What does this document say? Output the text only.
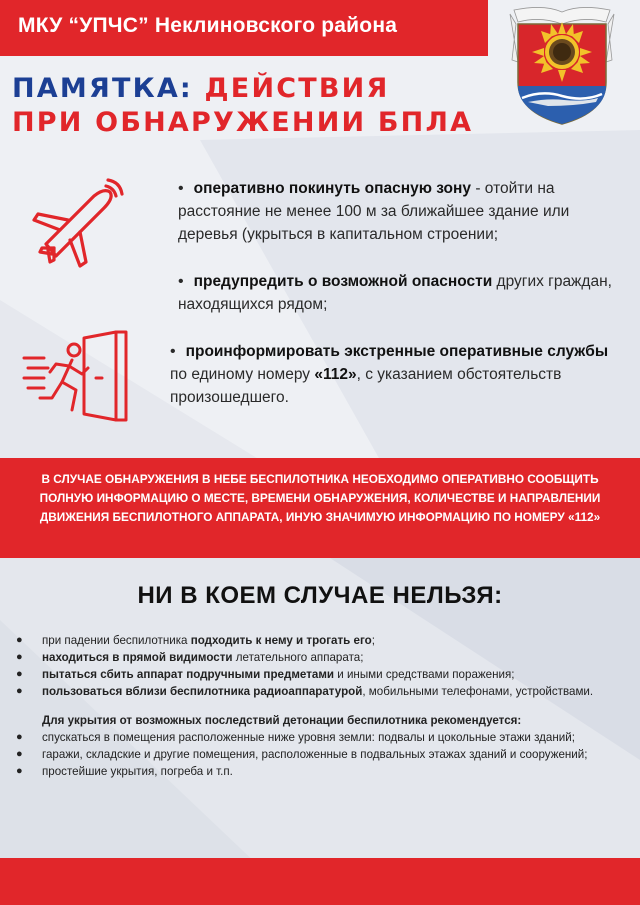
МКУ “УПЧС” Неклиновского района
ПАМЯТКА: ДЕЙСТВИЯ
ПРИ ОБНАРУЖЕНИИ БПЛА
• оперативно покинуть опасную зону - отойти на расстояние не менее 100 м за ближайшее здание или деревья (укрыться в капитальном строении;
• предупредить о возможной опасности других граждан, находящихся рядом;
• проинформировать экстренные оперативные службы по единому номеру «112», с указанием обстоятельств произошедшего.
В СЛУЧАЕ ОБНАРУЖЕНИЯ В НЕБЕ БЕСПИЛОТНИКА НЕОБХОДИМО ОПЕРАТИВНО СООБЩИТЬ ПОЛНУЮ ИНФОРМАЦИЮ О МЕСТЕ, ВРЕМЕНИ ОБНАРУЖЕНИЯ, КОЛИЧЕСТВЕ И НАПРАВЛЕНИИ ДВИЖЕНИЯ БЕСПИЛОТНОГО АППАРАТА, ИНУЮ ЗНАЧИМУЮ ИНФОРМАЦИЮ ПО НОМЕРУ «112»
НИ В КОЕМ СЛУЧАЕ НЕЛЬЗЯ:
●	при падении беспилотника подходить к нему и трогать его;
●	находиться в прямой видимости летательного аппарата;
●	пытаться сбить аппарат подручными предметами и иными средствами поражения;
●	пользоваться вблизи беспилотника радиоаппаратурой, мобильными телефонами, устройствами.
Для укрытия от возможных последствий детонации беспилотника рекомендуется:
●	спускаться в помещения расположенные ниже уровня земли: подвалы и цокольные этажи зданий;
●	гаражи, складские и другие помещения, расположенные в подвальных этажах зданий и сооружений;
●	простейшие укрытия, погреба и т.п.
